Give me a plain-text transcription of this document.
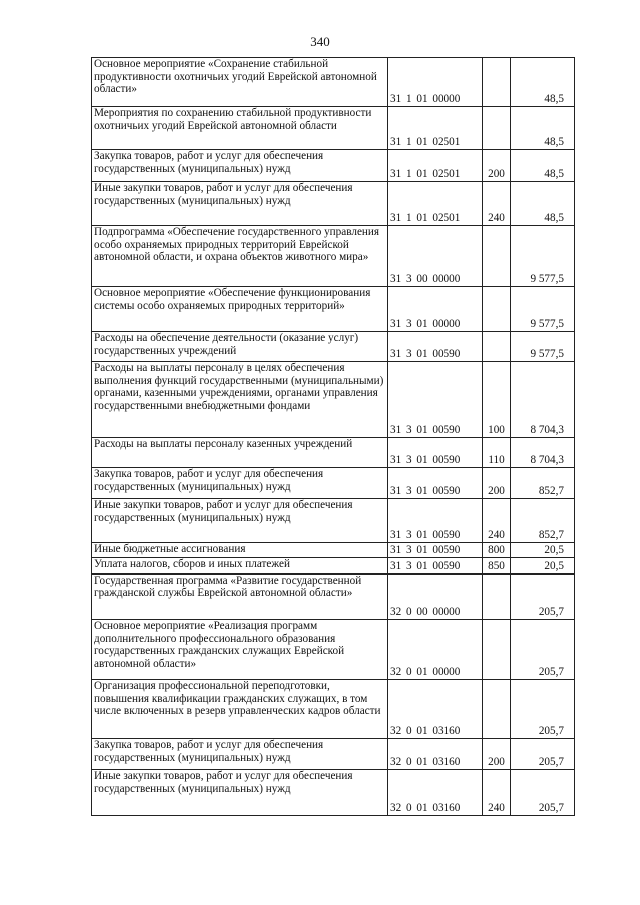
340
Основное мероприятие «Сохранение стабильной продуктивности охотничьих угодий Еврейской автономной области»	31 1 01 00000		48,5
Мероприятия по сохранению стабильной продуктивности охотничьих угодий Еврейской автономной области	31 1 01 02501		48,5
Закупка товаров, работ и услуг для обеспечения государственных (муниципальных) нужд	31 1 01 02501	200	48,5
Иные закупки товаров, работ и услуг для обеспечения государственных (муниципальных) нужд	31 1 01 02501	240	48,5
Подпрограмма «Обеспечение государственного управления особо охраняемых природных территорий Еврейской автономной области, и охрана объектов животного мира»	31 3 00 00000		9 577,5
Основное мероприятие «Обеспечение функционирования системы особо охраняемых природных территорий»	31 3 01 00000		9 577,5
Расходы на обеспечение деятельности (оказание услуг) государственных учреждений	31 3 01 00590		9 577,5
Расходы на выплаты персоналу в целях обеспечения выполнения функций государственными (муниципальными) органами, казенными учреждениями, органами управления государственными внебюджетными фондами	31 3 01 00590	100	8 704,3
Расходы на выплаты персоналу казенных учреждений	31 3 01 00590	110	8 704,3
Закупка товаров, работ и услуг для обеспечения государственных (муниципальных) нужд	31 3 01 00590	200	852,7
Иные закупки товаров, работ и услуг для обеспечения государственных (муниципальных) нужд	31 3 01 00590	240	852,7
Иные бюджетные ассигнования	31 3 01 00590	800	20,5
Уплата налогов, сборов и иных платежей	31 3 01 00590	850	20,5
Государственная программа «Развитие государственной гражданской службы Еврейской автономной области»	32 0 00 00000		205,7
Основное мероприятие «Реализация программ дополнительного профессионального образования государственных гражданских служащих Еврейской автономной области»	32 0 01 00000		205,7
Организация профессиональной переподготовки, повышения квалификации гражданских служащих, в том числе включенных в резерв управленческих кадров области	32 0 01 03160		205,7
Закупка товаров, работ и услуг для обеспечения государственных (муниципальных) нужд	32 0 01 03160	200	205,7
Иные закупки товаров, работ и услуг для обеспечения государственных (муниципальных) нужд	32 0 01 03160	240	205,7
